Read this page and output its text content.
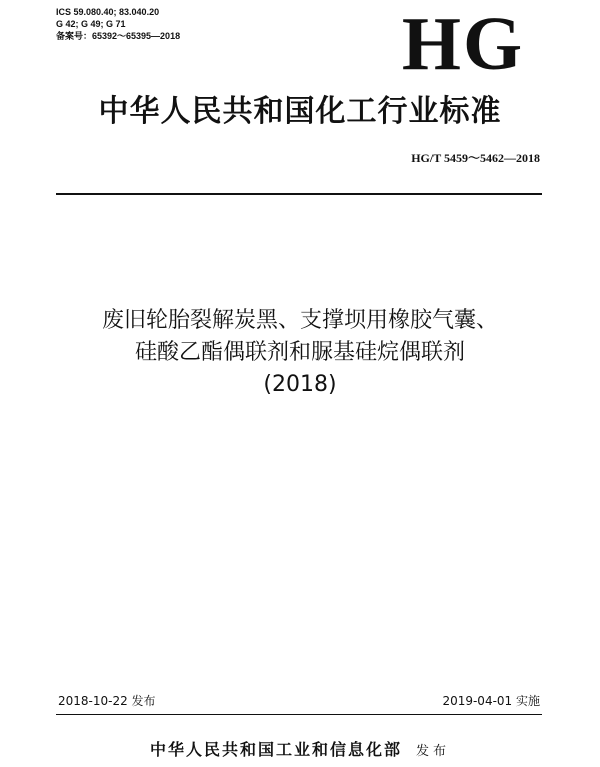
ICS 59.080.40; 83.040.20
G 42; G 49; G 71
备案号：65392～65395—2018	HG
中华人民共和国化工行业标准
HG/T 5459～5462—2018
废旧轮胎裂解炭黑、支撑坝用橡胶气囊、
硅酸乙酯偶联剂和脲基硅烷偶联剂
(2018)
2018-10-22 发布	2019-04-01 实施
中华人民共和国工业和信息化部 发布
